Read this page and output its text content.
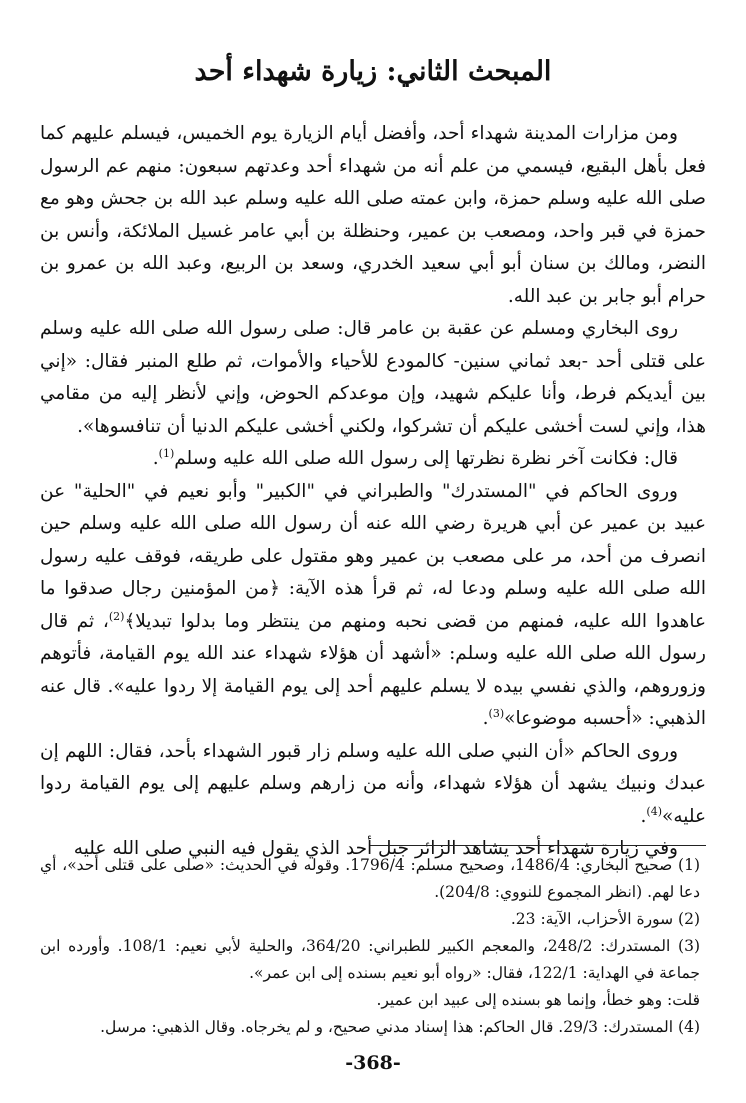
المبحث الثاني: زيارة شهداء أحد

ومن مزارات المدينة شهداء أحد، وأفضل أيام الزيارة يوم الخميس، فيسلم عليهم كما فعل بأهل البقيع، فيسمي من علم أنه من شهداء أحد وعدتهم سبعون: منهم عم الرسول صلى الله عليه وسلم حمزة، وابن عمته صلى الله عليه وسلم عبد الله بن جحش وهو مع حمزة في قبر واحد، ومصعب بن عمير، وحنظلة بن أبي عامر غسيل الملائكة، وأنس بن النضر، ومالك بن سنان أبو أبي سعيد الخدري، وسعد بن الربيع، وعبد الله بن عمرو بن حرام أبو جابر بن عبد الله.

روى البخاري ومسلم عن عقبة بن عامر قال: صلى رسول الله صلى الله عليه وسلم على قتلى أحد -بعد ثماني سنين- كالمودع للأحياء والأموات، ثم طلع المنبر فقال: «إني بين أيديكم فرط، وأنا عليكم شهيد، وإن موعدكم الحوض، وإني لأنظر إليه من مقامي هذا، وإني لست أخشى عليكم أن تشركوا، ولكني أخشى عليكم الدنيا أن تنافسوها».

قال: فكانت آخر نظرة نظرتها إلى رسول الله صلى الله عليه وسلم$^{(1)}$.

وروى الحاكم في "المستدرك" والطبراني في "الكبير" وأبو نعيم في "الحلية" عن عبيد بن عمير عن أبي هريرة رضي الله عنه أن رسول الله صلى الله عليه وسلم حين انصرف من أحد، مر على مصعب بن عمير وهو مقتول على طريقه، فوقف عليه رسول الله صلى الله عليه وسلم ودعا له، ثم قرأ هذه الآية: ﴿من المؤمنين رجال صدقوا ما عاهدوا الله عليه، فمنهم من قضى نحبه ومنهم من ينتظر وما بدلوا تبديلا﴾$^{(2)}$، ثم قال رسول الله صلى الله عليه وسلم: «أشهد أن هؤلاء شهداء عند الله يوم القيامة، فأتوهم وزوروهم، والذي نفسي بيده لا يسلم عليهم أحد إلى يوم القيامة إلا ردوا عليه». قال عنه الذهبي: «أحسبه موضوعا»$^{(3)}$.

وروى الحاكم «أن النبي صلى الله عليه وسلم زار قبور الشهداء بأحد، فقال: اللهم إن عبدك ونبيك يشهد أن هؤلاء شهداء، وأنه من زارهم وسلم عليهم إلى يوم القيامة ردوا عليه»$^{(4)}$.

وفي زيارة شهداء أحد يشاهد الزائر جبل أحد الذي يقول فيه النبي صلى الله عليه

(1) صحيح البخاري: 1486/4، وصحيح مسلم: 1796/4. وقوله في الحديث: «صلى على قتلى أحد»، أي دعا لهم. (انظر المجموع للنووي: 204/8).

(2) سورة الأحزاب، الآية: 23.

(3) المستدرك: 248/2، والمعجم الكبير للطبراني: 364/20، والحلية لأبي نعيم: 108/1. وأورده ابن جماعة في الهداية: 122/1، فقال: «رواه أبو نعيم بسنده إلى ابن عمر».

قلت: وهو خطأ، وإنما هو بسنده إلى عبيد ابن عمير.

(4) المستدرك: 29/3. قال الحاكم: هذا إسناد مدني صحيح، و لم يخرجاه. وقال الذهبي: مرسل.

-368-
